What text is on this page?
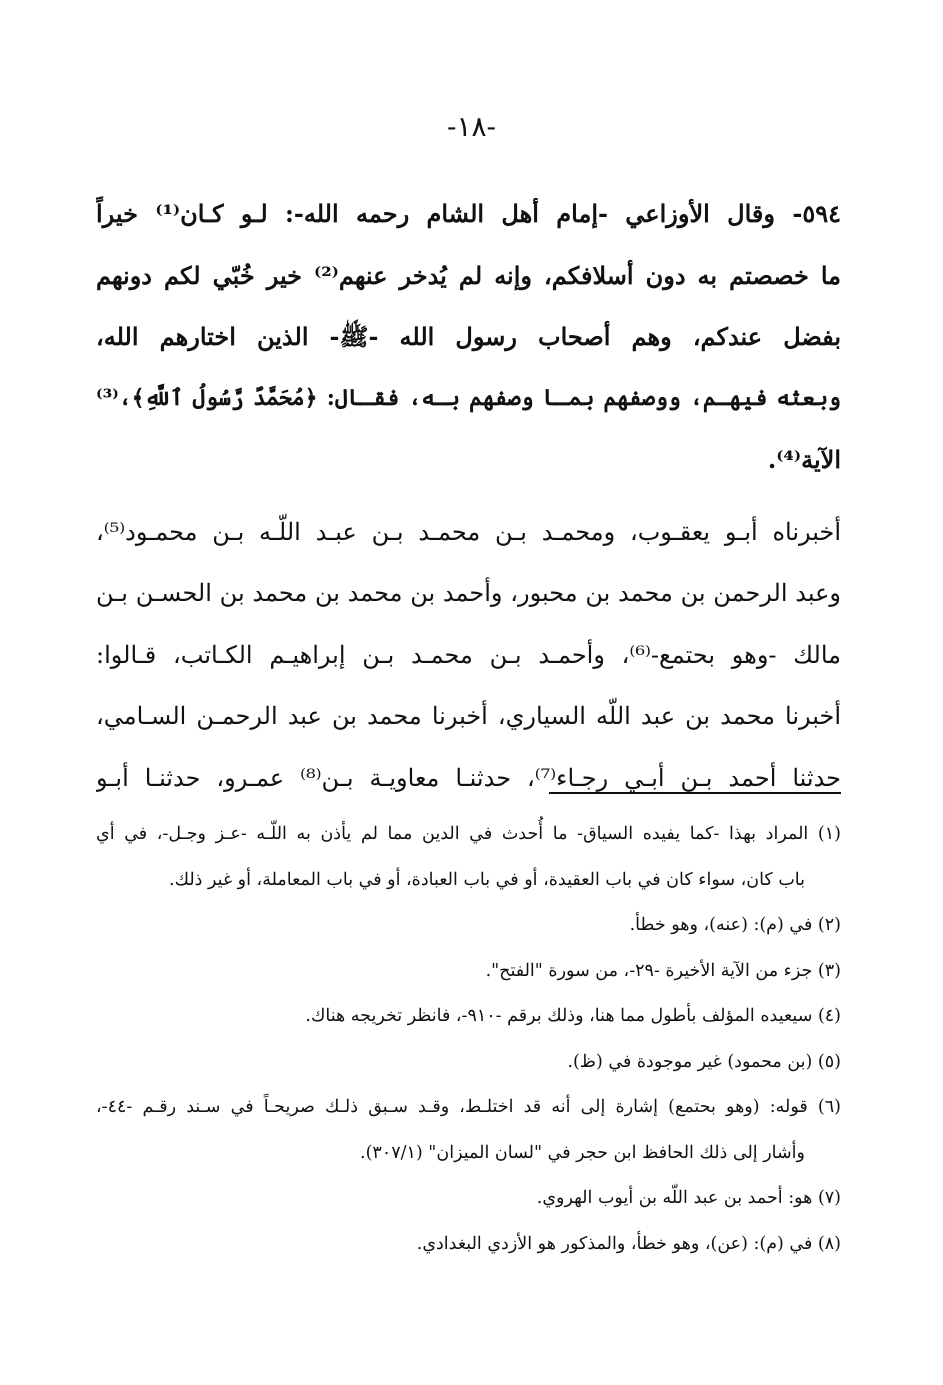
-١٨-
٥٩٤- وقال الأوزاعي -إمام أهل الشام رحمه الله-: لـو كـان⁽¹⁾ خيراً
ما خصصتم به دون أسلافكم، وإنه لم يُدخر عنهم⁽²⁾ خير خُبّي لكم دونهم
بفضل عندكم، وهم أصحاب رسول الله -ﷺ- الذين اختارهم الله،
وبعثه فيهـم، ووصفهم بمـا وصفهم بـه، فقـال: ﴿مُحَمَّدٌ رَّسُولُ ٱللَّهِ﴾،⁽³⁾
الآية⁽⁴⁾.
أخبرناه أبـو يعقـوب، ومحمـد بـن محمـد بـن عبـد اللّـه بـن محمـود⁽⁵⁾،
وعبد الرحمن بن محمد بن محبور، وأحمد بن محمد بن محمد بن الحسـن بـن
مالك -وهو بحتمع-⁽⁶⁾، وأحمـد بـن محمـد بـن إبراهيـم الكـاتب، قـالوا:
أخبرنا محمد بن عبد اللّه السياري، أخبرنا محمد بن عبد الرحمـن السـامي،
حدثنا أحمد بـن أبـي رجـاء⁽⁷⁾، حدثنـا معاويـة بـن⁽⁸⁾ عمـرو، حدثنـا أبـو
(١) المراد بهذا -كما يفيده السياق- ما أُحدث في الدين مما لم يأذن به اللّـه -عـز وجـل-، في أي
باب كان، سواء كان في باب العقيدة، أو في باب العبادة، أو في باب المعاملة، أو غير ذلك.
(٢) في (م): (عنه)، وهو خطأ.
(٣) جزء من الآية الأخيرة -٢٩-، من سورة "الفتح".
(٤) سيعيده المؤلف بأطول مما هنا، وذلك برقم -٩١٠-، فانظر تخريجه هناك.
(٥) (بن محمود) غير موجودة في (ظ).
(٦) قوله: (وهو بحتمع) إشارة إلى أنه قد اختلـط، وقـد سـبق ذلـك صريحـاً في سـند رقـم -٤٤-،
وأشار إلى ذلك الحافظ ابن حجر في "لسان الميزان" (٣٠٧/١).
(٧) هو: أحمد بن عبد اللّه بن أيوب الهروي.
(٨) في (م): (عن)، وهو خطأ، والمذكور هو الأزدي البغدادي.
